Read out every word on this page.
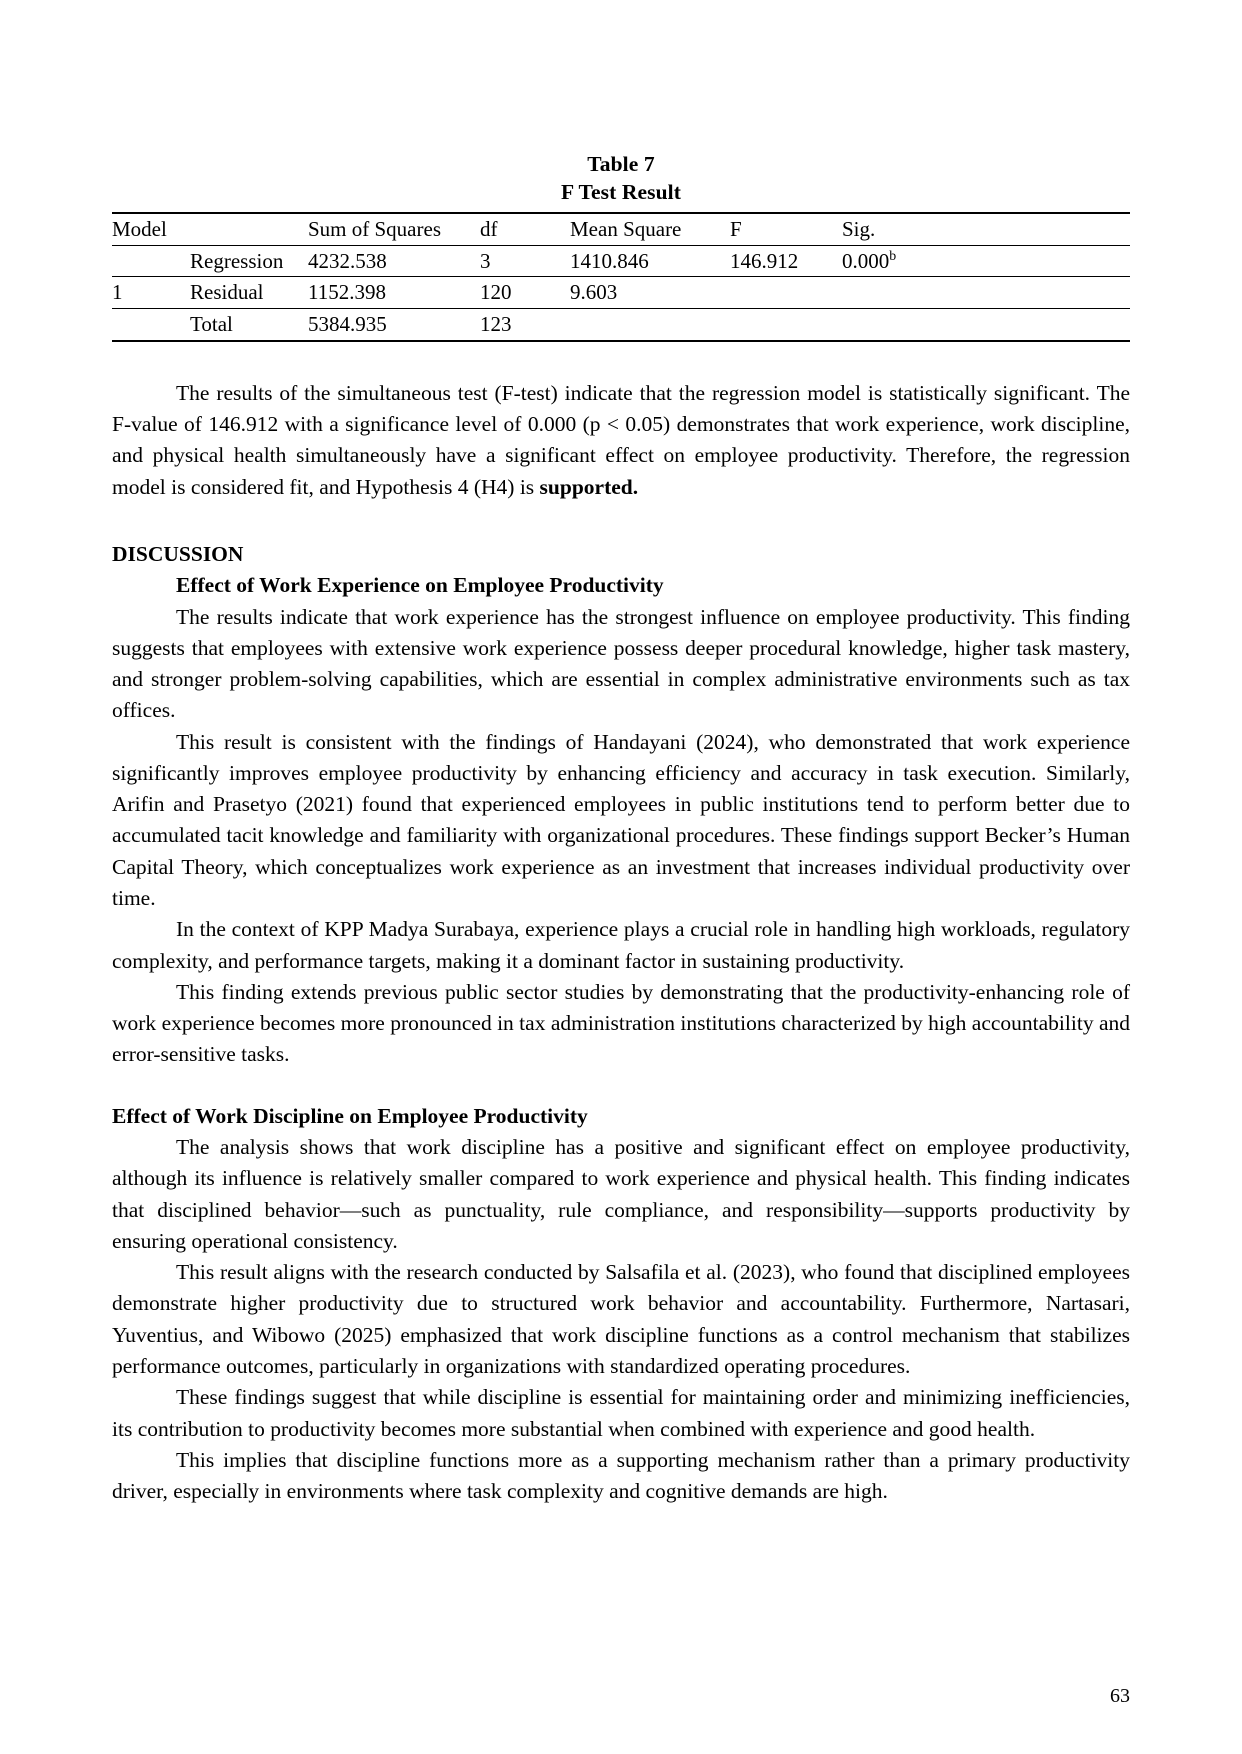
Table 7
F Test Result
Model		Sum of Squares	df	Mean Square	F	Sig.
	Regression	4232.538	3	1410.846	146.912	0.000$^b$
1	Residual	1152.398	120	9.603		
	Total	5384.935	123			

The results of the simultaneous test (F-test) indicate that the regression model is statistically significant. The F-value of 146.912 with a significance level of 0.000 (p < 0.05) demonstrates that work experience, work discipline, and physical health simultaneously have a significant effect on employee productivity. Therefore, the regression model is considered fit, and Hypothesis 4 (H4) is supported.

DISCUSSION
Effect of Work Experience on Employee Productivity

The results indicate that work experience has the strongest influence on employee productivity. This finding suggests that employees with extensive work experience possess deeper procedural knowledge, higher task mastery, and stronger problem-solving capabilities, which are essential in complex administrative environments such as tax offices.

This result is consistent with the findings of Handayani (2024), who demonstrated that work experience significantly improves employee productivity by enhancing efficiency and accuracy in task execution. Similarly, Arifin and Prasetyo (2021) found that experienced employees in public institutions tend to perform better due to accumulated tacit knowledge and familiarity with organizational procedures. These findings support Becker’s Human Capital Theory, which conceptualizes work experience as an investment that increases individual productivity over time.

In the context of KPP Madya Surabaya, experience plays a crucial role in handling high workloads, regulatory complexity, and performance targets, making it a dominant factor in sustaining productivity.

This finding extends previous public sector studies by demonstrating that the productivity-enhancing role of work experience becomes more pronounced in tax administration institutions characterized by high accountability and error-sensitive tasks.

Effect of Work Discipline on Employee Productivity

The analysis shows that work discipline has a positive and significant effect on employee productivity, although its influence is relatively smaller compared to work experience and physical health. This finding indicates that disciplined behavior—such as punctuality, rule compliance, and responsibility—supports productivity by ensuring operational consistency.

This result aligns with the research conducted by Salsafila et al. (2023), who found that disciplined employees demonstrate higher productivity due to structured work behavior and accountability. Furthermore, Nartasari, Yuventius, and Wibowo (2025) emphasized that work discipline functions as a control mechanism that stabilizes performance outcomes, particularly in organizations with standardized operating procedures.

These findings suggest that while discipline is essential for maintaining order and minimizing inefficiencies, its contribution to productivity becomes more substantial when combined with experience and good health.

This implies that discipline functions more as a supporting mechanism rather than a primary productivity driver, especially in environments where task complexity and cognitive demands are high.

63
